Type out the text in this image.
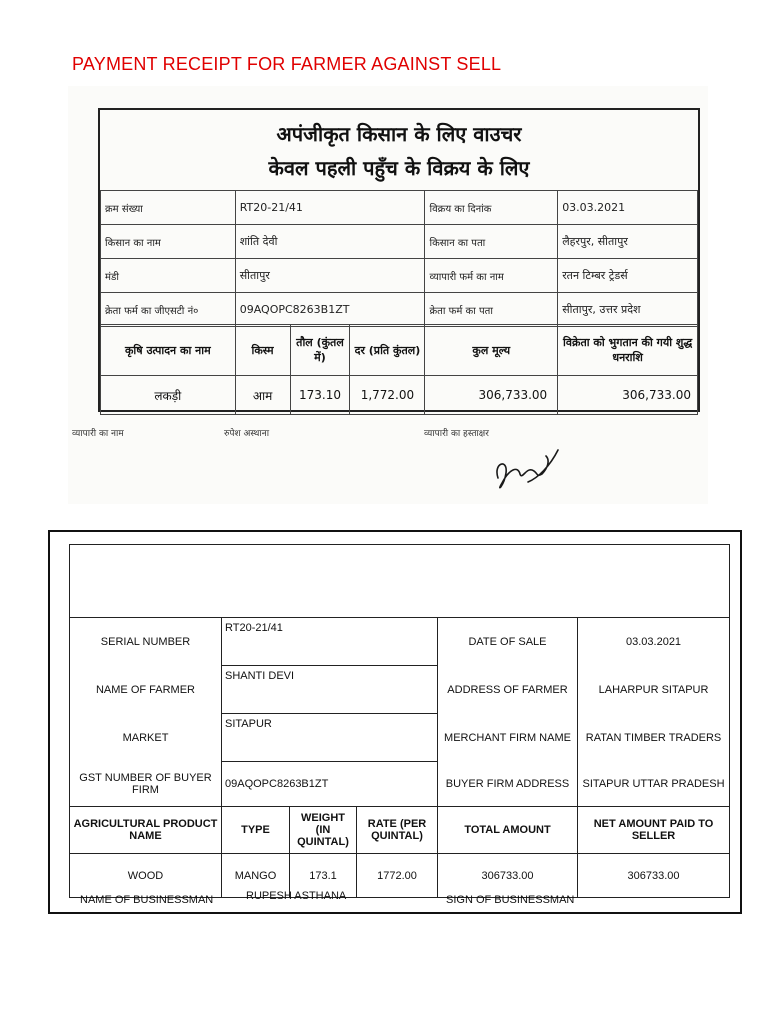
PAYMENT RECEIPT FOR FARMER AGAINST SELL
अपंजीकृत किसान के लिए वाउचर
केवल पहली पहुँच के विक्रय के लिए
क्रम संख्या	RT20-21/41	विक्रय का दिनांक	03.03.2021
किसान का नाम	शांति देवी	किसान का पता	लैहरपुर, सीतापुर
मंडी	सीतापुर	व्यापारी फर्म का नाम	रतन टिम्बर ट्रेडर्स
क्रेता फर्म का जीएसटी नं०	09AQOPC8263B1ZT	क्रेता फर्म का पता	सीतापुर, उत्तर प्रदेश
कृषि उत्पादन का नाम	किस्म	तौल (कुंतल में)	दर (प्रति कुंतल)	कुल मूल्य	विक्रेता को भुगतान की गयी शुद्ध धनराशि
लकड़ी	आम	173.10	1,772.00	306,733.00	306,733.00
व्यापारी का नाम	रुपेश अस्थाना	व्यापारी का हस्ताक्षर

SERIAL NUMBER	RT20-21/41			DATE OF SALE	03.03.2021
NAME OF FARMER	SHANTI DEVI			ADDRESS OF FARMER	LAHARPUR SITAPUR
MARKET	SITAPUR			MERCHANT FIRM NAME	RATAN TIMBER TRADERS
GST NUMBER OF BUYER FIRM	09AQOPC8263B1ZT			BUYER FIRM ADDRESS	SITAPUR UTTAR PRADESH
AGRICULTURAL PRODUCT NAME	TYPE	WEIGHT (IN QUINTAL)	RATE (PER QUINTAL)	TOTAL AMOUNT	NET AMOUNT PAID TO SELLER
WOOD	MANGO	173.1	1772.00	306733.00	306733.00
NAME OF BUSINESSMAN	RUPESH ASTHANA	SIGN OF BUSINESSMAN
